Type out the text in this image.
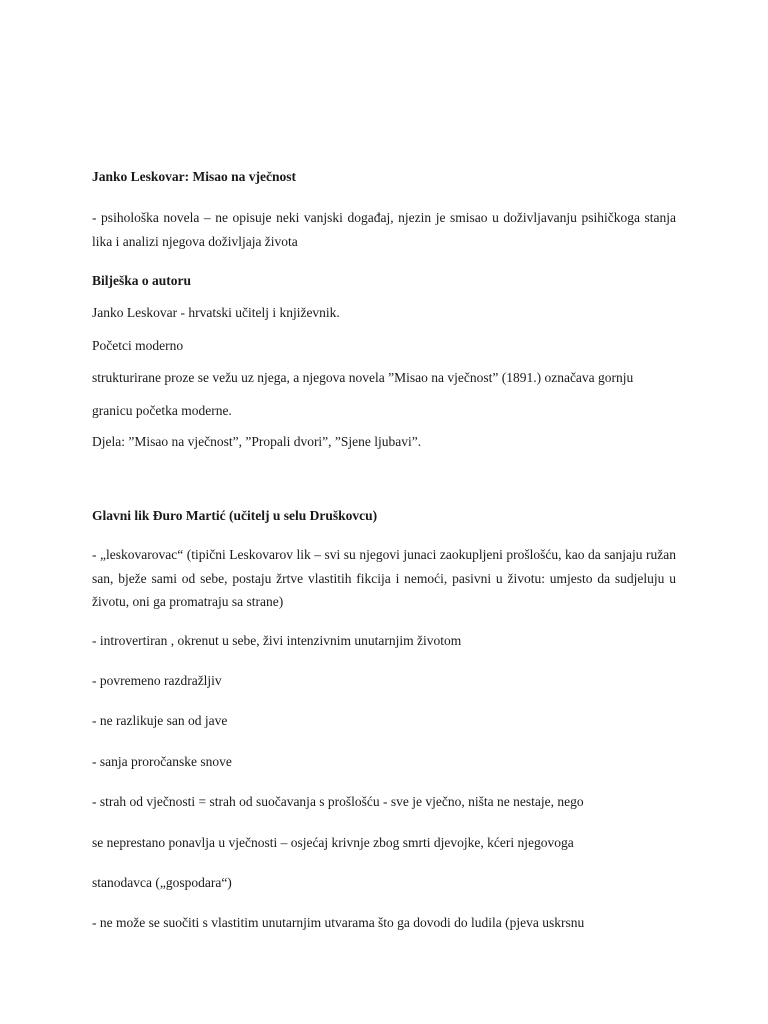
Janko Leskovar: Misao na vječnost
- psihološka novela – ne opisuje neki vanjski događaj, njezin je smisao u doživljavanju psihičkoga stanja lika i analizi njegova doživljaja života
Bilješka o autoru
Janko Leskovar - hrvatski učitelj i književnik.
Početci moderno
strukturirane proze se vežu uz njega, a njegova novela ”Misao na vječnost” (1891.) označava gornju
granicu početka moderne.
Djela: ”Misao na vječnost”, ”Propali dvori”, ”Sjene ljubavi”.
Glavni lik Đuro Martić (učitelj u selu Druškovcu)
- „leskovarovac“ (tipični Leskovarov lik – svi su njegovi junaci zaokupljeni prošlošću, kao da sanjaju ružan san, bježe sami od sebe, postaju žrtve vlastitih fikcija i nemoći, pasivni u životu: umjesto da sudjeluju u životu, oni ga promatraju sa strane)
- introvertiran , okrenut u sebe, živi intenzivnim unutarnjim životom
- povremeno razdražljiv
- ne razlikuje san od jave
- sanja proročanske snove
- strah od vječnosti = strah od suočavanja s prošlošću - sve je vječno, ništa ne nestaje, nego
se neprestano ponavlja u vječnosti – osjećaj krivnje zbog smrti djevojke, kćeri njegovoga
stanodavca („gospodara“)
- ne može se suočiti s vlastitim unutarnjim utvarama što ga dovodi do ludila (pjeva uskrsnu
